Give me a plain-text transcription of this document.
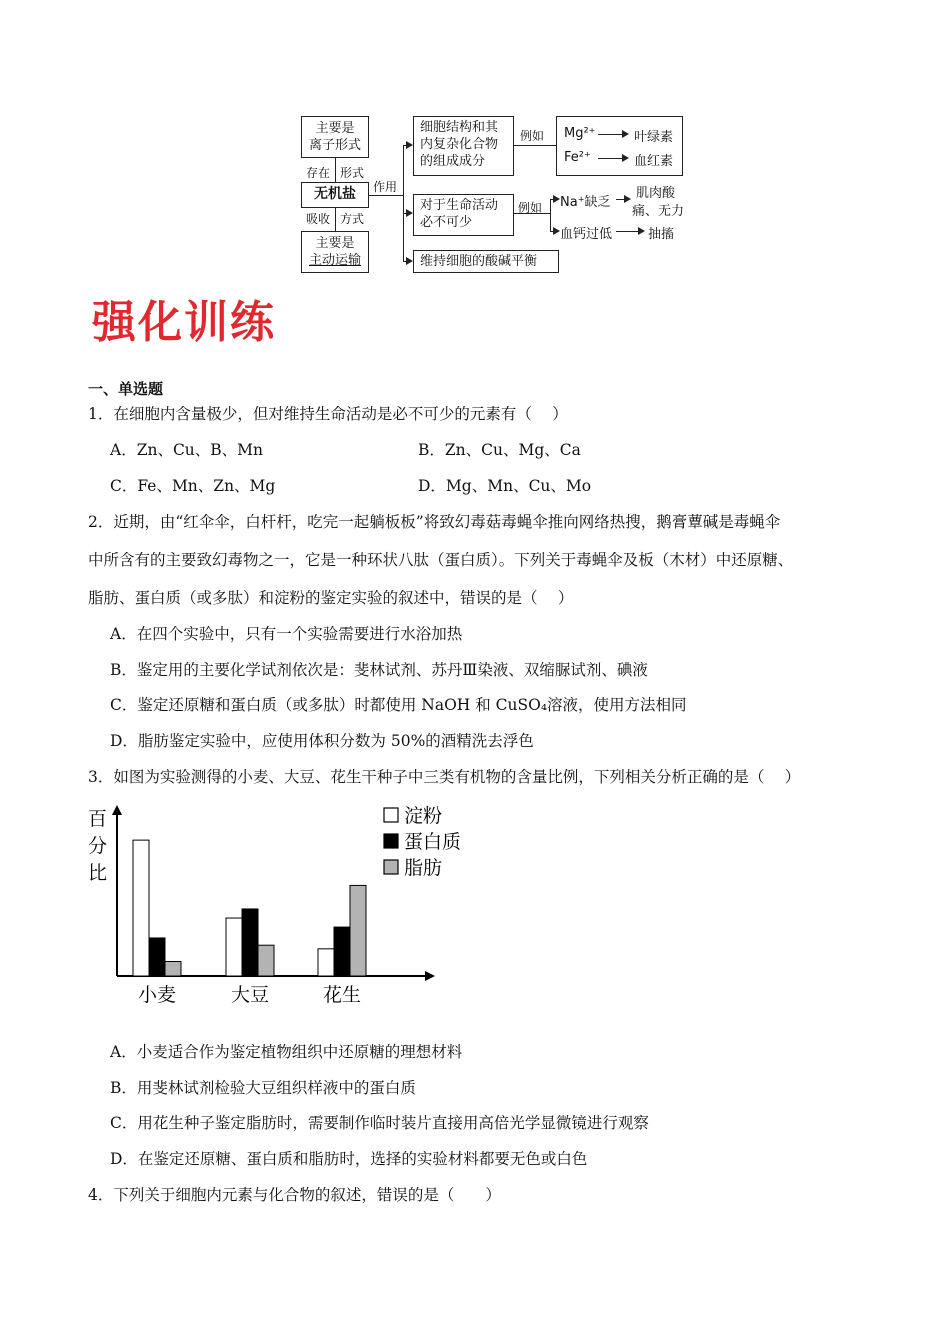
主要是
离子形式
存在 形式
无机盐
吸收 方式
主要是
主动运输
作用
细胞结构和其
内复杂化合物
的组成成分
对于生命活动
必不可少
维持细胞的酸碱平衡
例如 Mg²⁺	叶绿素
Fe²⁺	血红素
例如 Na⁺缺乏
肌肉酸
痛、无力
血钙过低	抽搐
强化训练
一、单选题
1．在细胞内含量极少，但对维持生命活动是必不可少的元素有（　 ）
A．Zn、Cu、B、Mn	B．Zn、Cu、Mg、Ca
C．Fe、Mn、Zn、Mg	D．Mg、Mn、Cu、Mo
2．近期，由“红伞伞，白杆杆，吃完一起躺板板”将致幻毒菇毒蝇伞推向网络热搜，鹅膏蕈碱是毒蝇伞
中所含有的主要致幻毒物之一，它是一种环状八肽（蛋白质）。下列关于毒蝇伞及板（木材）中还原糖、
脂肪、蛋白质（或多肽）和淀粉的鉴定实验的叙述中，错误的是（　 ）
A．在四个实验中，只有一个实验需要进行水浴加热
B．鉴定用的主要化学试剂依次是：斐林试剂、苏丹Ⅲ染液、双缩脲试剂、碘液
C．鉴定还原糖和蛋白质（或多肽）时都使用 NaOH 和 CuSO₄溶液，使用方法相同
D．脂肪鉴定实验中，应使用体积分数为 50%的酒精洗去浮色
3．如图为实验测得的小麦、大豆、花生干种子中三类有机物的含量比例，下列相关分析正确的是（　 ）
百
分
比
小麦	大豆	花生
淀粉
蛋白质
脂肪
A．小麦适合作为鉴定植物组织中还原糖的理想材料
B．用斐林试剂检验大豆组织样液中的蛋白质
C．用花生种子鉴定脂肪时，需要制作临时装片直接用高倍光学显微镜进行观察
D．在鉴定还原糖、蛋白质和脂肪时，选择的实验材料都要无色或白色
4．下列关于细胞内元素与化合物的叙述，错误的是（　　）
